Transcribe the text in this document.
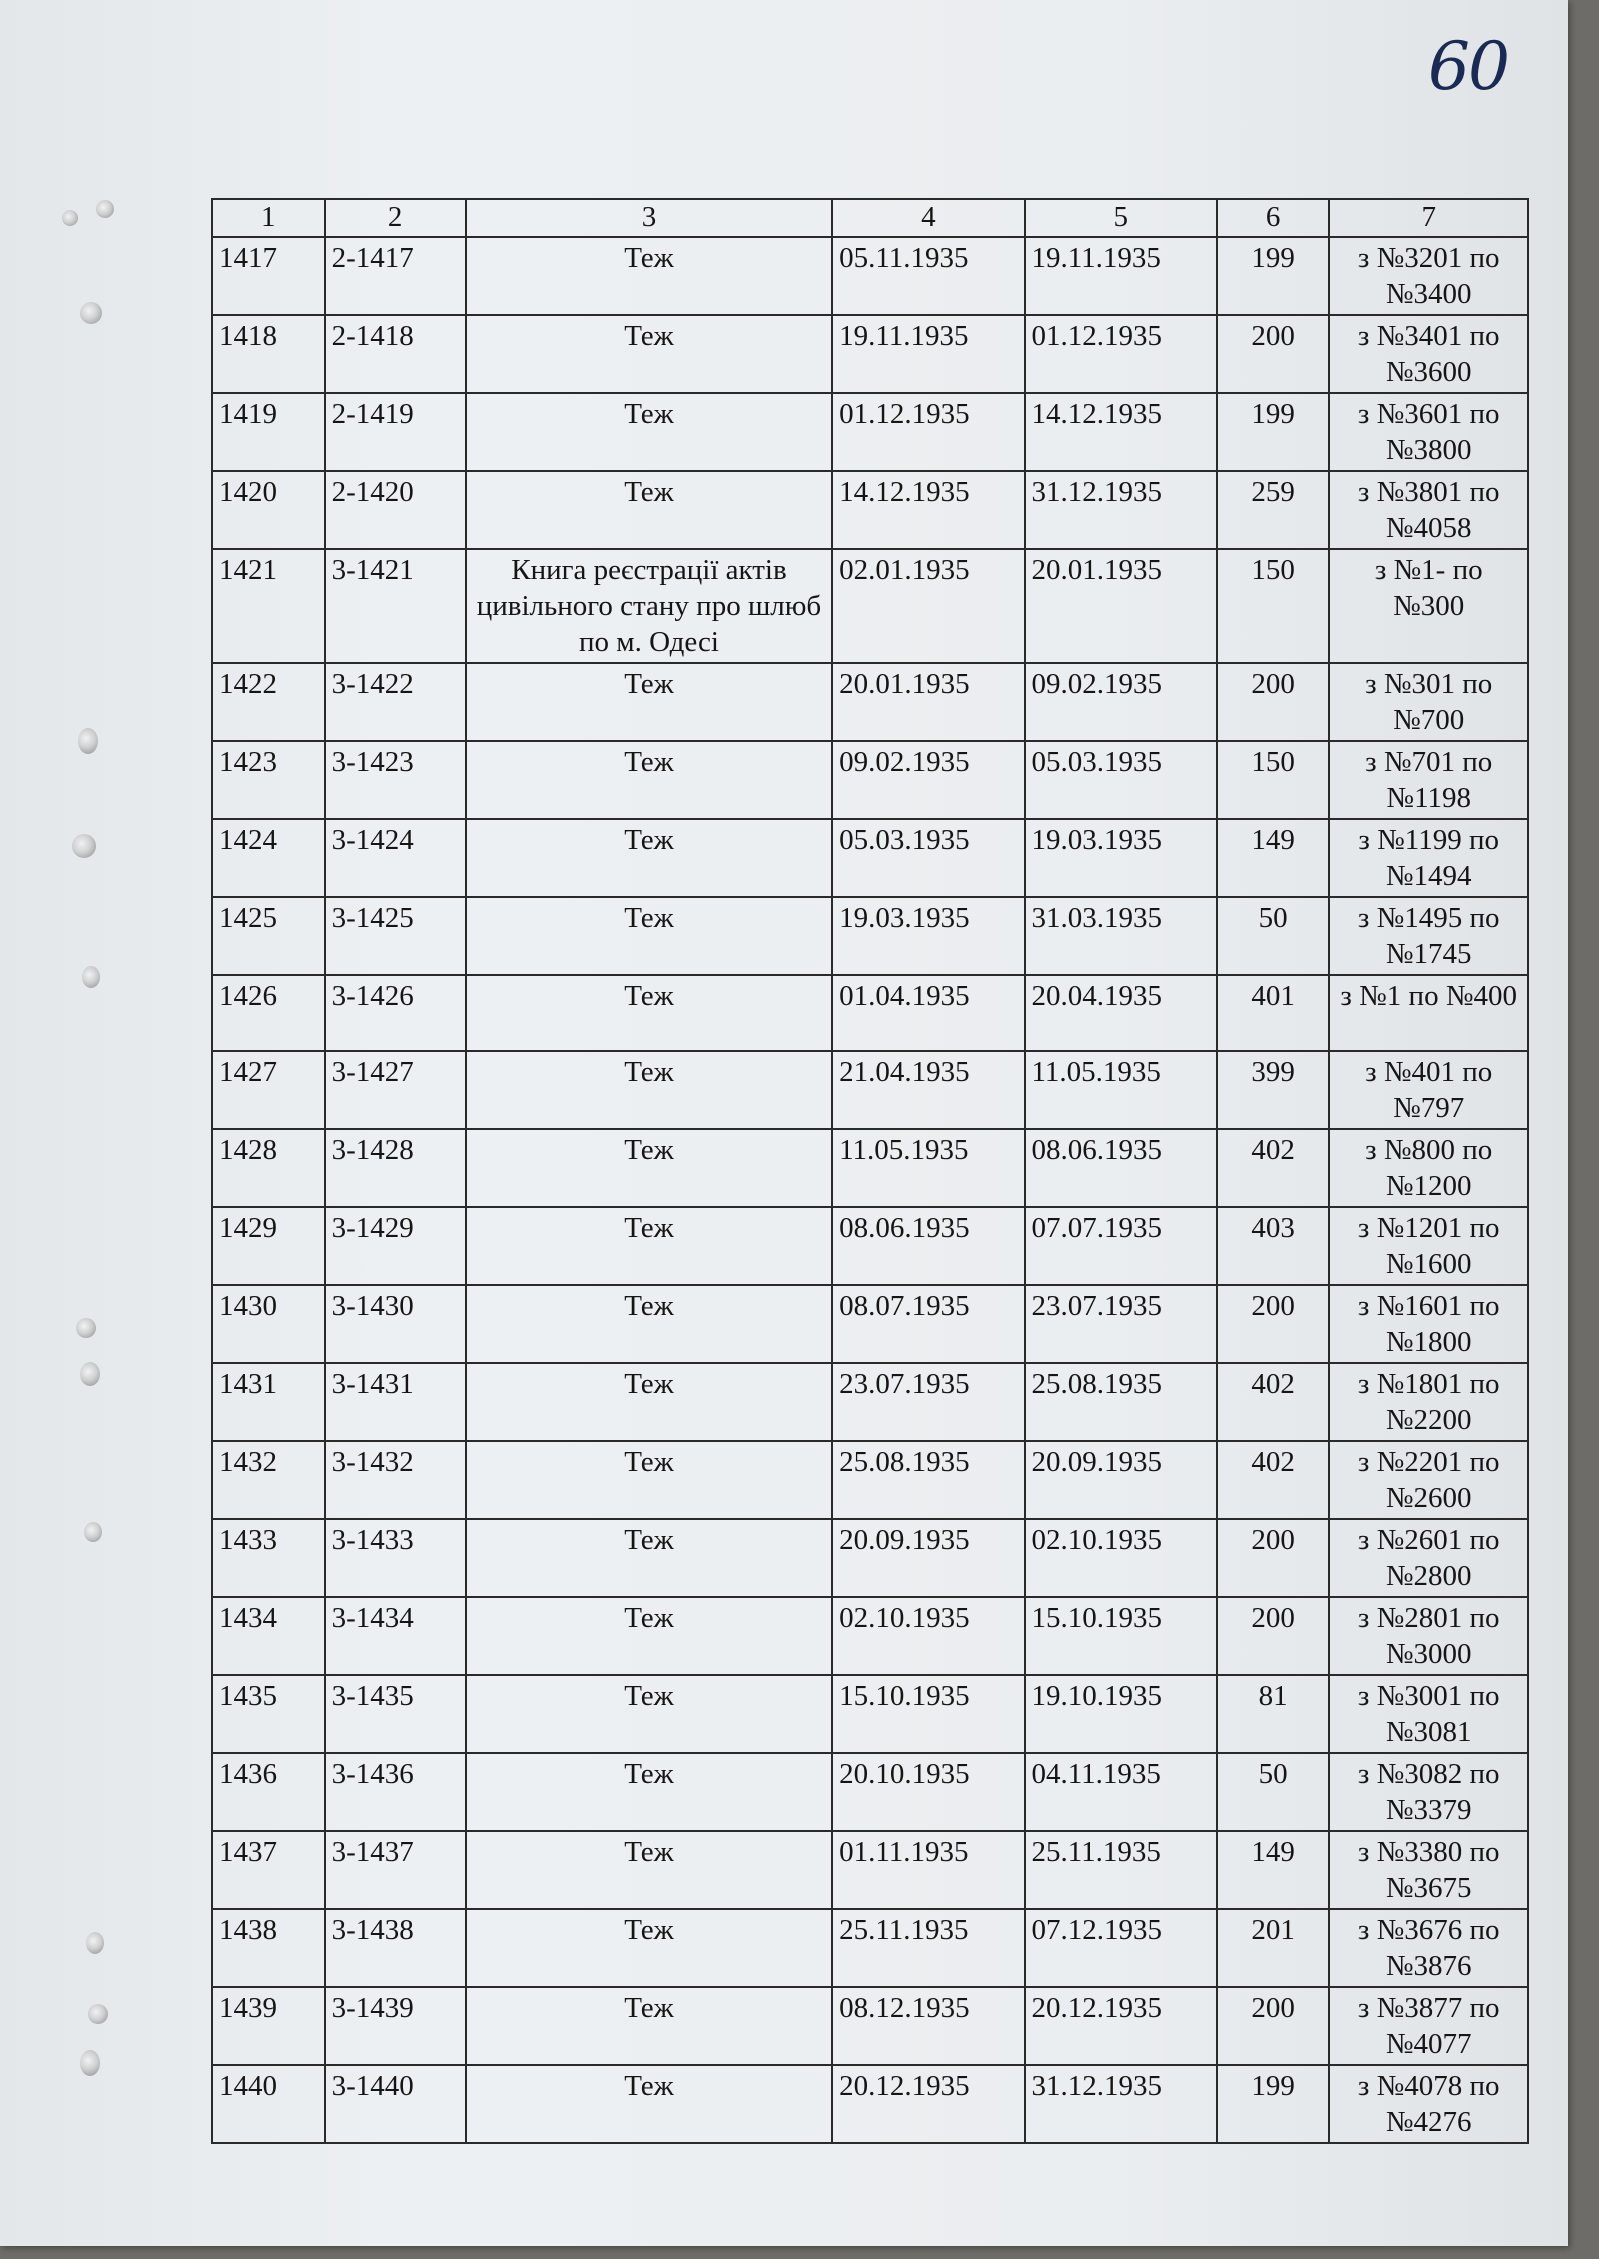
60
1	2	3	4	5	6	7
1417	2-1417	Теж	05.11.1935	19.11.1935	199	з №3201 по №3400
1418	2-1418	Теж	19.11.1935	01.12.1935	200	з №3401 по №3600
1419	2-1419	Теж	01.12.1935	14.12.1935	199	з №3601 по №3800
1420	2-1420	Теж	14.12.1935	31.12.1935	259	з №3801 по №4058
1421	3-1421	Книга реєстрації актів цивільного стану про шлюб по м. Одесі	02.01.1935	20.01.1935	150	з №1- по №300
1422	3-1422	Теж	20.01.1935	09.02.1935	200	з №301 по №700
1423	3-1423	Теж	09.02.1935	05.03.1935	150	з №701 по №1198
1424	3-1424	Теж	05.03.1935	19.03.1935	149	з №1199 по №1494
1425	3-1425	Теж	19.03.1935	31.03.1935	50	з №1495 по №1745
1426	3-1426	Теж	01.04.1935	20.04.1935	401	з №1 по №400
1427	3-1427	Теж	21.04.1935	11.05.1935	399	з №401 по №797
1428	3-1428	Теж	11.05.1935	08.06.1935	402	з №800 по №1200
1429	3-1429	Теж	08.06.1935	07.07.1935	403	з №1201 по №1600
1430	3-1430	Теж	08.07.1935	23.07.1935	200	з №1601 по №1800
1431	3-1431	Теж	23.07.1935	25.08.1935	402	з №1801 по №2200
1432	3-1432	Теж	25.08.1935	20.09.1935	402	з №2201 по №2600
1433	3-1433	Теж	20.09.1935	02.10.1935	200	з №2601 по №2800
1434	3-1434	Теж	02.10.1935	15.10.1935	200	з №2801 по №3000
1435	3-1435	Теж	15.10.1935	19.10.1935	81	з №3001 по №3081
1436	3-1436	Теж	20.10.1935	04.11.1935	50	з №3082 по №3379
1437	3-1437	Теж	01.11.1935	25.11.1935	149	з №3380 по №3675
1438	3-1438	Теж	25.11.1935	07.12.1935	201	з №3676 по №3876
1439	3-1439	Теж	08.12.1935	20.12.1935	200	з №3877 по №4077
1440	3-1440	Теж	20.12.1935	31.12.1935	199	з №4078 по №4276
